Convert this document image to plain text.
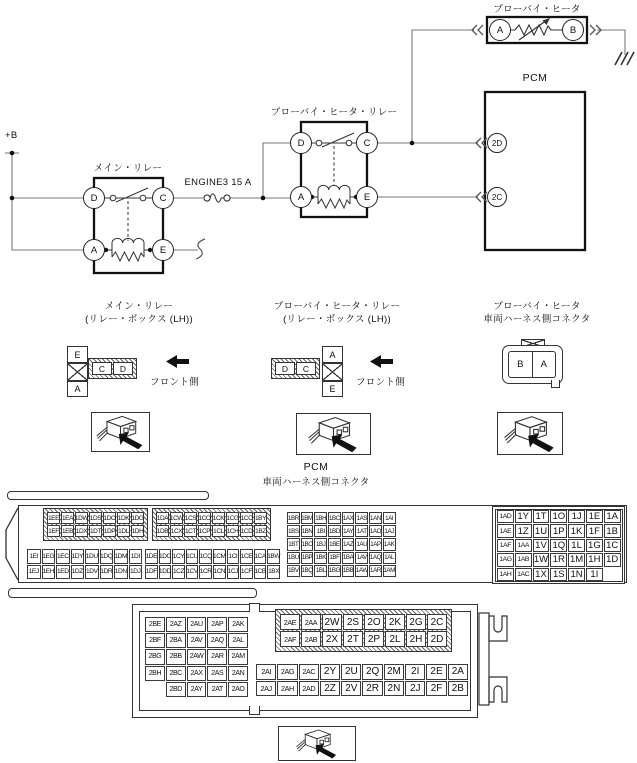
+B
メイン・リレー
ENGINE3 15 A
ブローバイ・ヒータ・リレー
ブローバイ・ヒータ
PCM
D	C
A	E
D	C
A	E
A	B
2D
2C
メイン・リレー
(リレー・ボックス (LH))
E
A
C	D
フロント側
ブローバイ・ヒータ・リレー
(リレー・ボックス (LH))
D	C
A
E
フロント側
ブローバイ・ヒータ
車両ハーネス側コネクタ
B	A
PCM
車両ハーネス側コネクタ
1EE 1EA 1DW 1DS 1DO 1DK 1DG
1EF 1EB 1DX 1DT 1DP 1DL 1DH
1DA 1CW 1CS 1CO 1CK 1CG 1CC 1BY
1DB 1CX 1CT 1CP 1CL 1CH 1CD 1BZ
1EI 1EG 1EC 1DY 1DU 1DQ 1DM 1DI
1EJ 1EH 1ED 1DZ 1DV 1DR 1DN 1DJ
1DE 1DC 1CY 1CU 1CQ 1CM 1CI 1CE 1CA 1BW
1DF 1DD 1CZ 1CV 1CR 1CN 1CJ 1CF 1CB 1BX
1BR 1BM 1BH 1BC 1AX 1AS 1AN 1AI
1BS 1BN 1BI 1BD 1AY 1AT 1AO 1AJ
1BT 1BO 1BJ 1BE 1AZ 1AU 1AP 1AK
1BU 1BP 1BK 1BF 1BA 1AV 1AQ 1AL
1BV 1BQ 1BL 1BG 1BB 1AW 1AR 1AM
1AD 1Y 1T 1O 1J 1E 1A
1AE 1Z 1U 1P 1K 1F 1B
1AF 1AA 1V 1Q 1L 1G 1C
1AG 1AB 1W 1R 1M 1H 1D
1AH 1AC 1X 1S 1N 1I
2BE	2AZ	2AU	2AP	2AK
2BF	2BA	2AV	2AQ	2AL
2BG	2BB	2AW	2AR	2AM
2BH	2BC	2AX	2AS	2AN
2BD	2AY	2AT	2AO
2AE	2AA 2W 2S 2O 2K 2G 2C
2AF	2AB 2X 2T 2P 2L 2H 2D
2AI	2AG	2AC 2Y 2U 2Q 2M	2I	2E 2A
2AJ	2AH	2AD 2Z 2V 2R 2N 2J	2F 2B
